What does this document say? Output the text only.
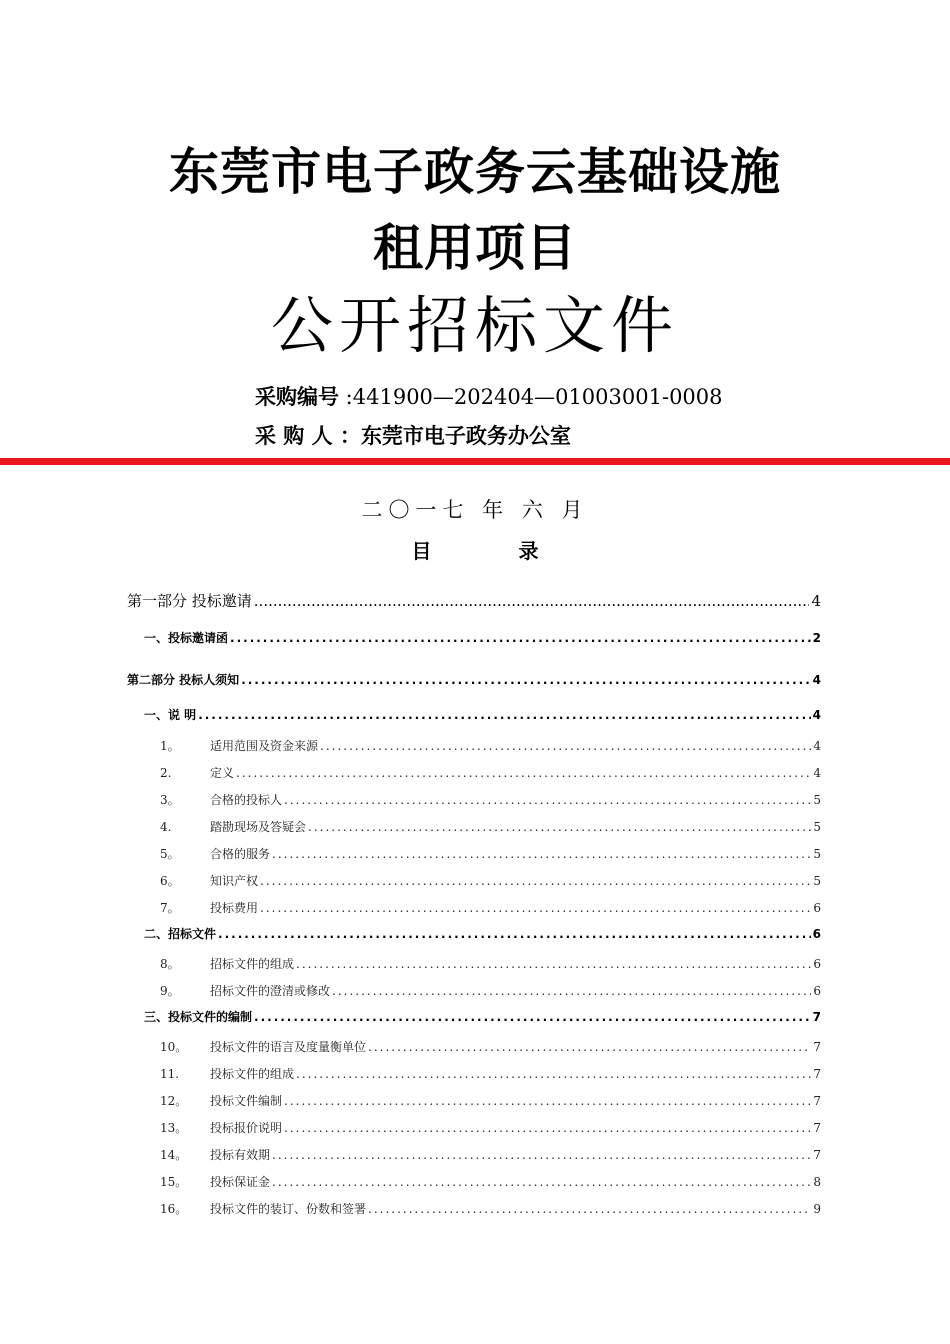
东莞市电子政务云基础设施
租用项目
公开招标文件
采购编号 :441900—202404—01003001-0008
采 购 人 ：东莞市电子政务办公室
二〇一七 年 六 月
目 录
第一部分 投标邀请 .....	4
一、投标邀请函 .....	2
第二部分 投标人须知 .....	4
一、说 明 .....	4
1。	适用范围及资金来源 .....	4
2.	定义 .....	4
3。	合格的投标人 .....	5
4.	踏勘现场及答疑会 .....	5
5。	合格的服务 .....	5
6。	知识产权 .....	5
7。	投标费用 .....	6
二、招标文件 .....	6
8。	招标文件的组成 .....	6
9。	招标文件的澄清或修改 .....	6
三、投标文件的编制 .....	7
10。	投标文件的语言及度量衡单位 .....	7
11.	投标文件的组成 .....	7
12。	投标文件编制 .....	7
13。	投标报价说明 .....	7
14。	投标有效期 .....	7
15。	投标保证金 .....	8
16。	投标文件的装订、份数和签署 .....	9
